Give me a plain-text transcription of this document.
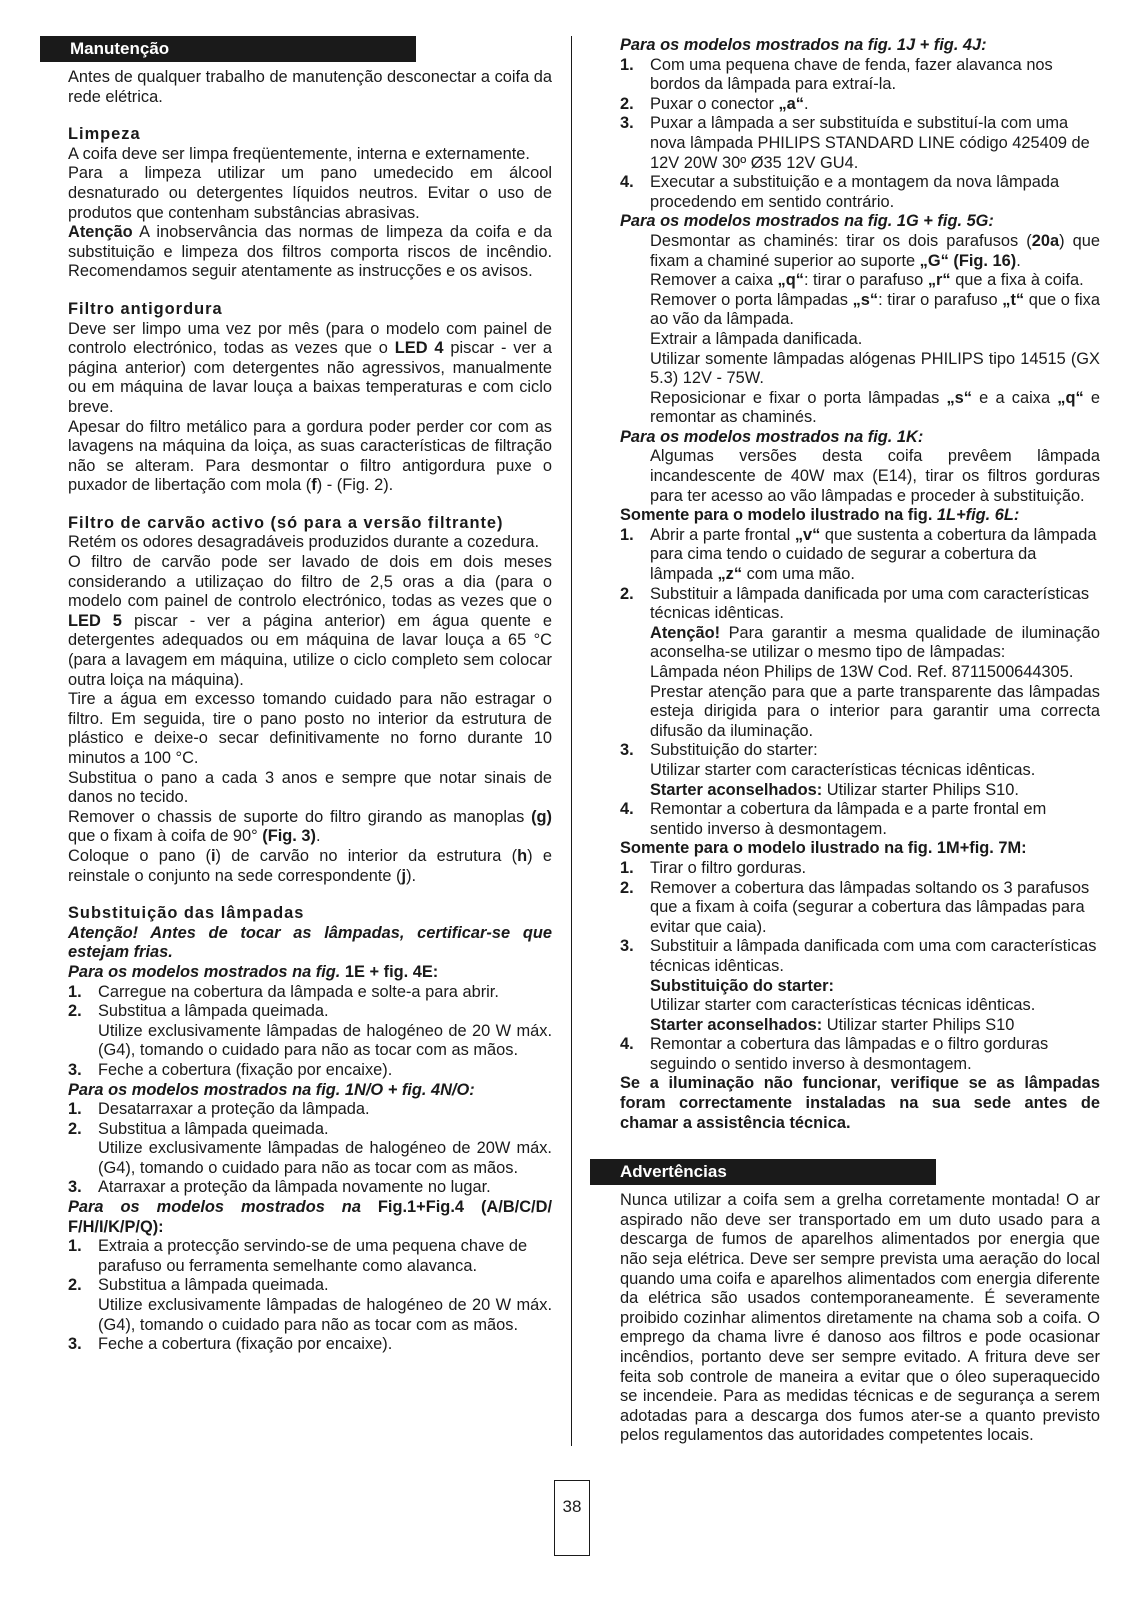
Manutenção

Antes de qualquer trabalho de manutenção desconectar a coifa da rede elétrica.

Limpeza

A coifa deve ser limpa freqüentemente, interna e externamente.

Para a limpeza utilizar um pano umedecido em álcool desnaturado ou detergentes líquidos neutros. Evitar o uso de produtos que contenham substâncias abrasivas.

Atenção A inobservância das normas de limpeza da coifa e da substituição e limpeza dos filtros comporta riscos de incêndio. Recomendamos seguir atentamente as instrucções e os avisos.

Filtro antigordura

Deve ser limpo uma vez por mês (para o modelo com painel de controlo electrónico, todas as vezes que o LED 4 piscar - ver a página anterior) com detergentes não agressivos, manualmente ou em máquina de lavar louça a baixas temperaturas e com ciclo breve.

Apesar do filtro metálico para a gordura poder perder cor com as lavagens na máquina da loiça, as suas características de filtração não se alteram. Para desmontar o filtro antigordura puxe o puxador de libertação com mola (f) - (Fig. 2).

Filtro de carvão activo (só para a versão filtrante)

Retém os odores desagradáveis produzidos durante a cozedura.

O filtro de carvão pode ser lavado de dois em dois meses considerando a utilizaçao do filtro de 2,5 oras a dia (para o modelo com painel de controlo electrónico, todas as vezes que o LED 5 piscar - ver a página anterior) em água quente e detergentes adequados ou em máquina de lavar louça a 65 °C (para a lavagem em máquina, utilize o ciclo completo sem colocar outra loiça na máquina).

Tire a água em excesso tomando cuidado para não estragar o filtro. Em seguida, tire o pano posto no interior da estrutura de plástico e deixe-o secar definitivamente no forno durante 10 minutos a 100 °C.

Substitua o pano a cada 3 anos e sempre que notar sinais de danos no tecido.

Remover o chassis de suporte do filtro girando as manoplas (g) que o fixam à coifa de 90° (Fig. 3).

Coloque o pano (i) de carvão no interior da estrutura (h) e reinstale o conjunto na sede correspondente (j).

Substituição das lâmpadas

Atenção! Antes de tocar as lâmpadas, certificar-se que estejam frias.

Para os modelos mostrados na fig. 1E + fig. 4E:

1. Carregue na cobertura da lâmpada e solte-a para abrir.
2. Substitua a lâmpada queimada.

Utilize exclusivamente lâmpadas de halogéneo de 20 W máx. (G4), tomando o cuidado para não as tocar com as mãos.

3. Feche a cobertura (fixação por encaixe).

Para os modelos mostrados na fig. 1N/O + fig. 4N/O:

1. Desatarraxar a proteção da lâmpada.
2. Substitua a lâmpada queimada.

Utilize exclusivamente lâmpadas de halogéneo de 20W máx. (G4), tomando o cuidado para não as tocar com as mãos.

3. Atarraxar a proteção da lâmpada novamente no lugar.

Para os modelos mostrados na Fig.1+Fig.4 (A/B/C/D/ F/H/I/K/P/Q):

1. Extraia a protecção servindo-se de uma pequena chave de parafuso ou ferramenta semelhante como alavanca.
2. Substitua a lâmpada queimada.

Utilize exclusivamente lâmpadas de halogéneo de 20 W máx. (G4), tomando o cuidado para não as tocar com as mãos.

3. Feche a cobertura (fixação por encaixe).

Para os modelos mostrados na fig. 1J + fig. 4J:

1. Com uma pequena chave de fenda, fazer alavanca nos bordos da lâmpada para extraí-la.
2. Puxar o conector „a“.
3. Puxar a lâmpada a ser substituída e substituí-la com uma nova lâmpada PHILIPS STANDARD LINE código 425409 de 12V 20W 30º Ø35 12V GU4.
4. Executar a substituição e a montagem da nova lâmpada procedendo em sentido contrário.

Para os modelos mostrados na fig. 1G + fig. 5G:

Desmontar as chaminés: tirar os dois parafusos (20a) que fixam a chaminé superior ao suporte „G“ (Fig. 16).

Remover a caixa „q“: tirar o parafuso „r“ que a fixa à coifa.

Remover o porta lâmpadas „s“: tirar o parafuso „t“ que o fixa ao vão da lâmpada.

Extrair a lâmpada danificada.

Utilizar somente lâmpadas alógenas PHILIPS tipo 14515 (GX 5.3) 12V - 75W.

Reposicionar e fixar o porta lâmpadas „s“ e a caixa „q“ e remontar as chaminés.

Para os modelos mostrados na fig. 1K:

Algumas versões desta coifa prevêem lâmpada incandescente de 40W max (E14), tirar os filtros gorduras para ter acesso ao vão lâmpadas e proceder à substituição.

Somente para o modelo ilustrado na fig. 1L+fig. 6L:

1. Abrir a parte frontal „v“ que sustenta a cobertura da lâmpada para cima tendo o cuidado de segurar a cobertura da lâmpada „z“ com uma mão.
2. Substituir a lâmpada danificada por uma com características técnicas idênticas.

Atenção! Para garantir a mesma qualidade de iluminação aconselha-se utilizar o mesmo tipo de lâmpadas:

Lâmpada néon Philips de 13W Cod. Ref. 8711500644305.

Prestar atenção para que a parte transparente das lâmpadas esteja dirigida para o interior para garantir uma correcta difusão da iluminação.

3. Substituição do starter:

Utilizar starter com características técnicas idênticas.

Starter aconselhados: Utilizar starter Philips S10.

4. Remontar a cobertura da lâmpada e a parte frontal em sentido inverso à desmontagem.

Somente para o modelo ilustrado na fig. 1M+fig. 7M:

1. Tirar o filtro gorduras.
2. Remover a cobertura das lâmpadas soltando os 3 parafusos que a fixam à coifa (segurar a cobertura das lâmpadas para evitar que caia).
3. Substituir a lâmpada danificada com uma com características técnicas idênticas.

Substituição do starter:

Utilizar starter com características técnicas idênticas.

Starter aconselhados: Utilizar starter Philips S10

4. Remontar a cobertura das lâmpadas e o filtro gorduras seguindo o sentido inverso à desmontagem.

Se a iluminação não funcionar, verifique se as lâmpadas foram correctamente instaladas na sua sede antes de chamar a assistência técnica.

Advertências

Nunca utilizar a coifa sem a grelha corretamente montada! O ar aspirado não deve ser transportado em um duto usado para a descarga de fumos de aparelhos alimentados por energia que não seja elétrica. Deve ser sempre prevista uma aeração do local quando uma coifa e aparelhos alimentados com energia diferente da elétrica são usados contemporaneamente. É severamente proibido cozinhar alimentos diretamente na chama sob a coifa. O emprego da chama livre é danoso aos filtros e pode ocasionar incêndios, portanto deve ser sempre evitado. A fritura deve ser feita sob controle de maneira a evitar que o óleo superaquecido se incendeie. Para as medidas técnicas e de segurança a serem adotadas para a descarga dos fumos ater-se a quanto previsto pelos regulamentos das autoridades competentes locais.

38
